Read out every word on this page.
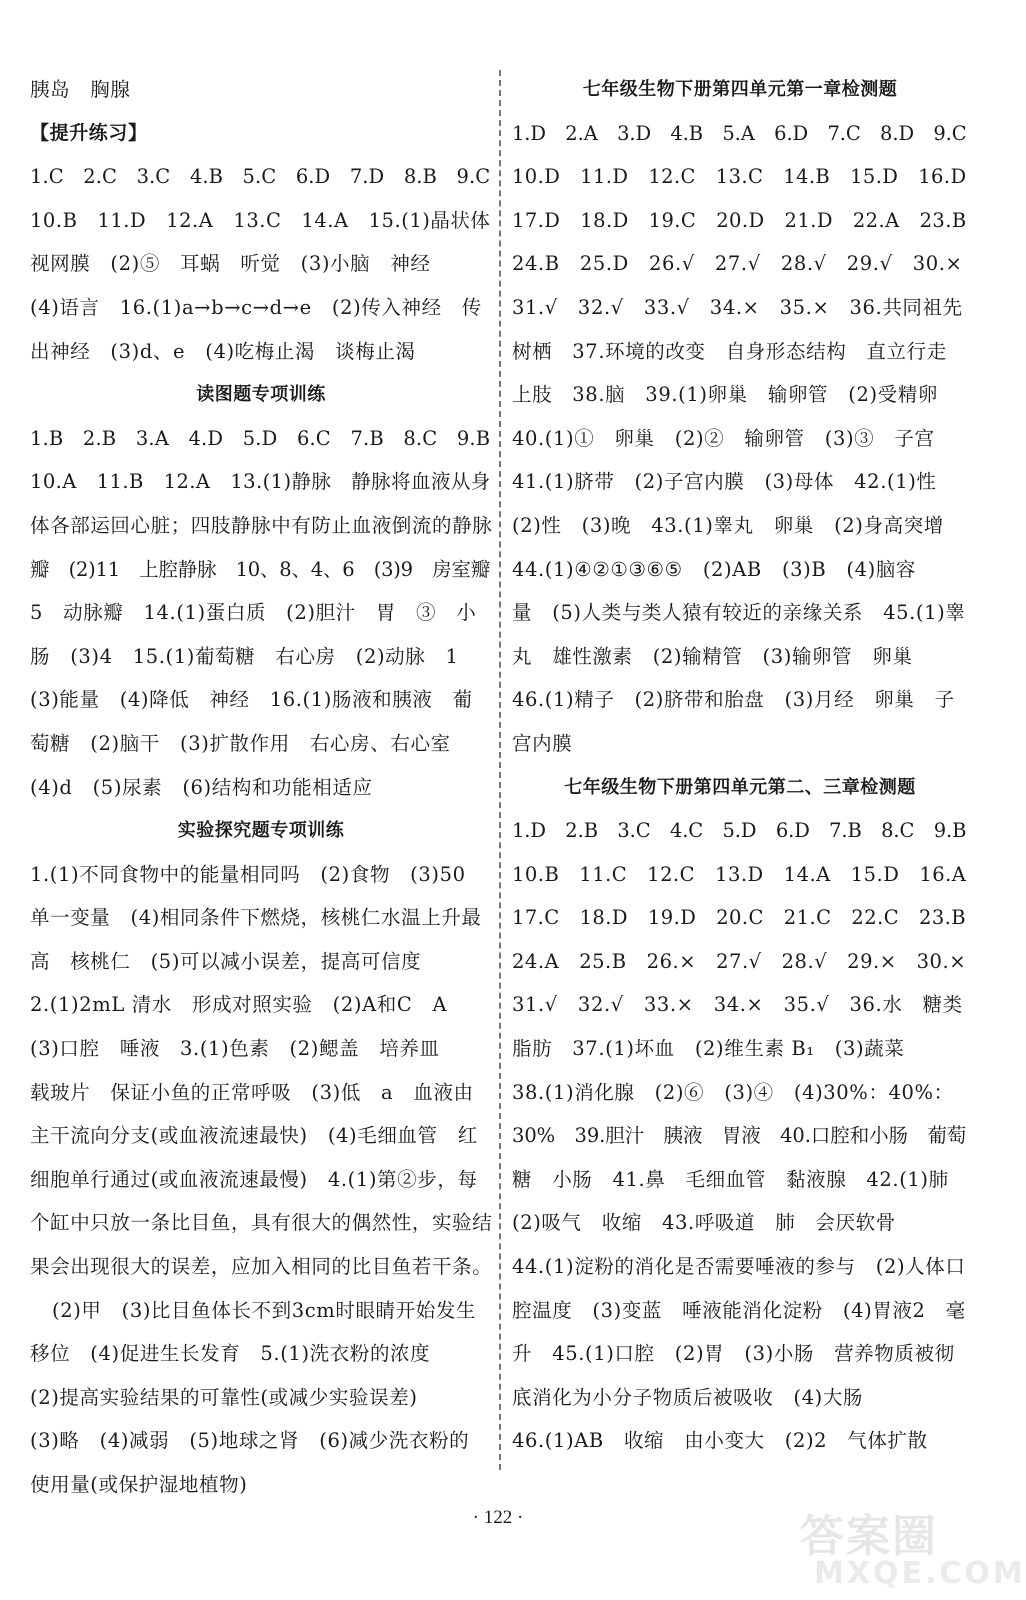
胰岛　胸腺
【提升练习】
1.C　2.C　3.C　4.B　5.C　6.D　7.D　8.B　9.C
10.B　11.D　12.A　13.C　14.A　15.(1)晶状体
视网膜　(2)⑤　耳蜗　听觉　(3)小脑　神经
(4)语言　16.(1)a→b→c→d→e　(2)传入神经　传
出神经　(3)d、e　(4)吃梅止渴　谈梅止渴
读图题专项训练
1.B　2.B　3.A　4.D　5.D　6.C　7.B　8.C　9.B
10.A　11.B　12.A　13.(1)静脉　静脉将血液从身
体各部运回心脏；四肢静脉中有防止血液倒流的静脉
瓣　(2)11　上腔静脉　10、8、4、6　(3)9　房室瓣
5　动脉瓣　14.(1)蛋白质　(2)胆汁　胃　③　小
肠　(3)4　15.(1)葡萄糖　右心房　(2)动脉　1
(3)能量　(4)降低　神经　16.(1)肠液和胰液　葡
萄糖　(2)脑干　(3)扩散作用　右心房、右心室
(4)d　(5)尿素　(6)结构和功能相适应
实验探究题专项训练
1.(1)不同食物中的能量相同吗　(2)食物　(3)50
单一变量　(4)相同条件下燃烧，核桃仁水温上升最
高　核桃仁　(5)可以减小误差，提高可信度
2.(1)2mL 清水　形成对照实验　(2)A和C　A
(3)口腔　唾液　3.(1)色素　(2)鳃盖　培养皿
载玻片　保证小鱼的正常呼吸　(3)低　a　血液由
主干流向分支(或血液流速最快)　(4)毛细血管　红
细胞单行通过(或血液流速最慢)　4.(1)第②步，每
个缸中只放一条比目鱼，具有很大的偶然性，实验结
果会出现很大的误差，应加入相同的比目鱼若干条。
(2)甲　(3)比目鱼体长不到3cm时眼睛开始发生
移位　(4)促进生长发育　5.(1)洗衣粉的浓度
(2)提高实验结果的可靠性(或减少实验误差)
(3)略　(4)减弱　(5)地球之肾　(6)减少洗衣粉的
使用量(或保护湿地植物)
七年级生物下册第四单元第一章检测题
1.D　2.A　3.D　4.B　5.A　6.D　7.C　8.D　9.C
10.D　11.D　12.C　13.C　14.B　15.D　16.D
17.D　18.D　19.C　20.D　21.D　22.A　23.B
24.B　25.D　26.√　27.√　28.√　29.√　30.×
31.√　32.√　33.√　34.×　35.×　36.共同祖先
树栖　37.环境的改变　自身形态结构　直立行走
上肢　38.脑　39.(1)卵巢　输卵管　(2)受精卵
40.(1)①　卵巢　(2)②　输卵管　(3)③　子宫
41.(1)脐带　(2)子宫内膜　(3)母体　42.(1)性
(2)性　(3)晚　43.(1)睾丸　卵巢　(2)身高突增
44.(1)④②①③⑥⑤　(2)AB　(3)B　(4)脑容
量　(5)人类与类人猿有较近的亲缘关系　45.(1)睾
丸　雄性激素　(2)输精管　(3)输卵管　卵巢
46.(1)精子　(2)脐带和胎盘　(3)月经　卵巢　子
宫内膜
七年级生物下册第四单元第二、三章检测题
1.D　2.B　3.C　4.C　5.D　6.D　7.B　8.C　9.B
10.B　11.C　12.C　13.D　14.A　15.D　16.A
17.C　18.D　19.D　20.C　21.C　22.C　23.B
24.A　25.B　26.×　27.√　28.√　29.×　30.×
31.√　32.√　33.×　34.×　35.√　36.水　糖类
脂肪　37.(1)坏血　(2)维生素 B₁　(3)蔬菜
38.(1)消化腺　(2)⑥　(3)④　(4)30%：40%：
30%　39.胆汁　胰液　胃液　40.口腔和小肠　葡萄
糖　小肠　41.鼻　毛细血管　黏液腺　42.(1)肺
(2)吸气　收缩　43.呼吸道　肺　会厌软骨
44.(1)淀粉的消化是否需要唾液的参与　(2)人体口
腔温度　(3)变蓝　唾液能消化淀粉　(4)胃液2　毫
升　45.(1)口腔　(2)胃　(3)小肠　营养物质被彻
底消化为小分子物质后被吸收　(4)大肠
46.(1)AB　收缩　由小变大　(2)2　气体扩散
· 122 ·	答案圈
MXQE.COM
